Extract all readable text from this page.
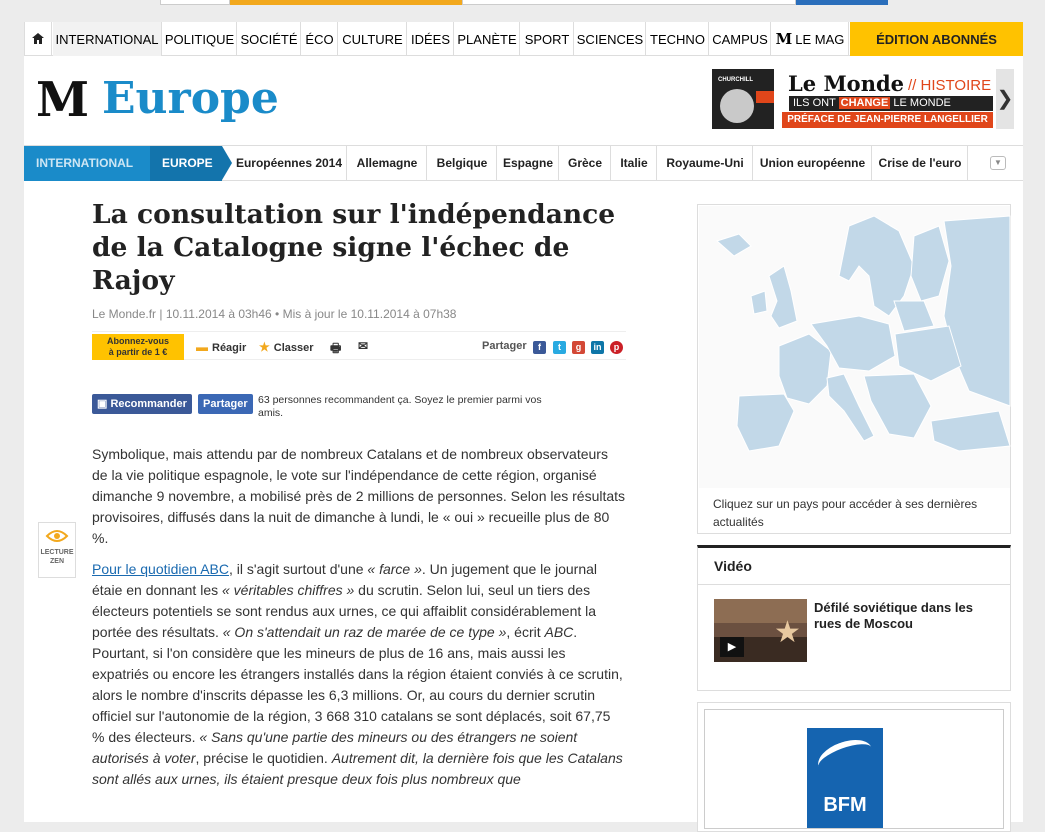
INTERNATIONAL POLITIQUE SOCIÉTÉ ÉCO CULTURE IDÉES PLANÈTE SPORT SCIENCES TECHNO CAMPUS M LE MAG	ÉDITION ABONNÉS
M Europe	CHURCHILL Le Monde // HISTOIRE
ILS ONT CHANGE LE MONDE
PRÉFACE DE JEAN-PIERRE LANGELLIER
❯
INTERNATIONAL	EUROPE	Européennes 2014	Allemagne	Belgique	Espagne	Grèce	Italie	Royaume-Uni	Union européenne	Crise de l'euro	▼
La consultation sur l'indépendance de la Catalogne signe l'échec de Rajoy
Le Monde.fr | 10.11.2014 à 03h46 • Mis à jour le 10.11.2014 à 07h38
Abonnez-vous
à partir de 1 €	▬ Réagir ★ Classer 🖶	✉	Partager	f	t	g	in	p
▣ Recommander	Partager 63 personnes recommandent ça. Soyez le premier parmi vos amis.

Symbolique, mais attendu par de nombreux Catalans et de nombreux observateurs de la vie politique espagnole, le vote sur l'indépendance de cette région, organisé dimanche 9 novembre, a mobilisé près de 2 millions de personnes. Selon les résultats provisoires, diffusés dans la nuit de dimanche à lundi, le « oui » recueille plus de 80 %.

Pour le quotidien ABC, il s'agit surtout d'une « farce ». Un jugement que le journal étaie en donnant les « véritables chiffres » du scrutin. Selon lui, seul un tiers des électeurs potentiels se sont rendus aux urnes, ce qui affaiblit considérablement la portée des résultats. « On s'attendait un raz de marée de ce type », écrit ABC. Pourtant, si l'on considère que les mineurs de plus de 16 ans, mais aussi les expatriés ou encore les étrangers installés dans la région étaient conviés à ce scrutin, alors le nombre d'inscrits dépasse les 6,3 millions. Or, au cours du dernier scrutin officiel sur l'autonomie de la région, 3 668 310 catalans se sont déplacés, soit 67,75 % des électeurs. « Sans qu'une partie des mineurs ou des étrangers ne soient autorisés à voter, précise le quotidien. Autrement dit, la dernière fois que les Catalans sont allés aux urnes, ils étaient presque deux fois plus nombreux que

LECTURE
ZEN
Cliquez sur un pays pour accéder à ses dernières actualités
Vidéo
★
▶
Défilé soviétique dans les rues de Moscou
BFM
